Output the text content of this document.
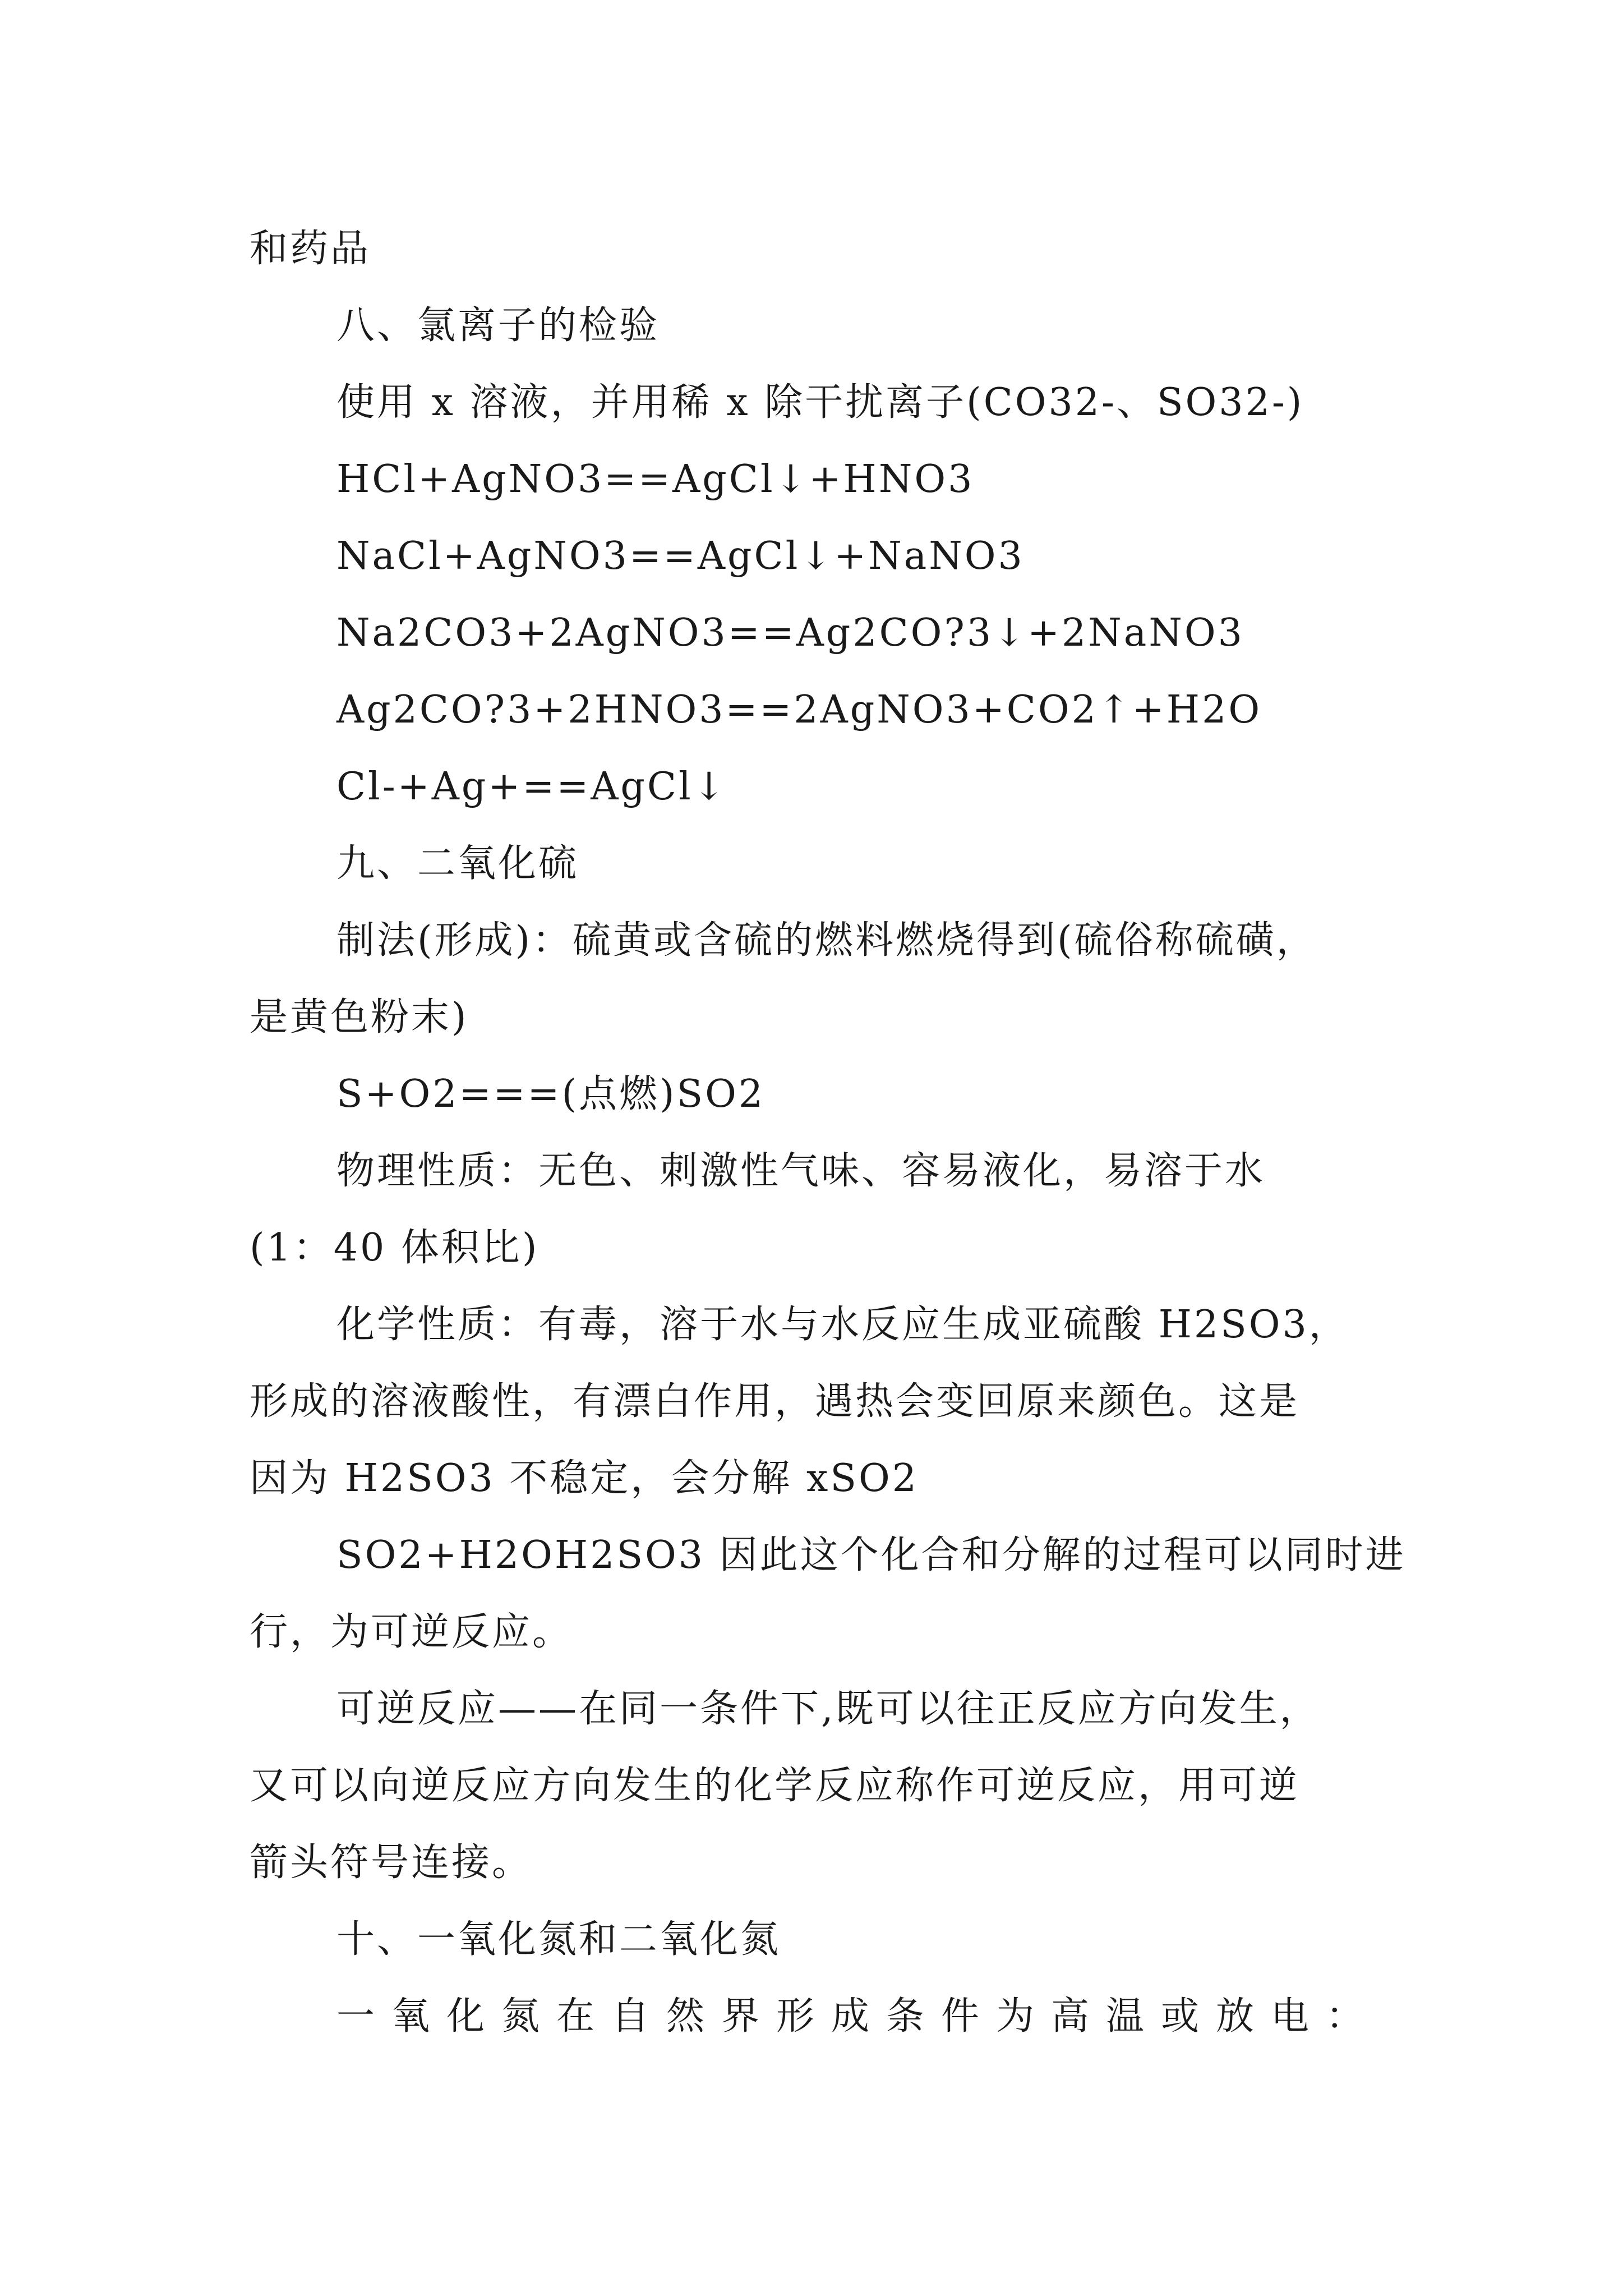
和药品
八、氯离子的检验
使用 x 溶液，并用稀 x 除干扰离子(CO32-、SO32-)
HCl+AgNO3==AgCl↓+HNO3
NaCl+AgNO3==AgCl↓+NaNO3
Na2CO3+2AgNO3==Ag2CO?3↓+2NaNO3
Ag2CO?3+2HNO3==2AgNO3+CO2↑+H2O
Cl-+Ag+==AgCl↓
九、二氧化硫
制法(形成)：硫黄或含硫的燃料燃烧得到(硫俗称硫磺，
是黄色粉末)
S+O2===(点燃)SO2
物理性质：无色、刺激性气味、容易液化，易溶于水
(1：40 体积比)
化学性质：有毒，溶于水与水反应生成亚硫酸 H2SO3，
形成的溶液酸性，有漂白作用，遇热会变回原来颜色。这是
因为 H2SO3 不稳定，会分解 xSO2
SO2+H2OH2SO3 因此这个化合和分解的过程可以同时进
行，为可逆反应。
可逆反应——在同一条件下,既可以往正反应方向发生，
又可以向逆反应方向发生的化学反应称作可逆反应，用可逆
箭头符号连接。
十、一氧化氮和二氧化氮
一氧化氮在自然界形成条件为高温或放电：
